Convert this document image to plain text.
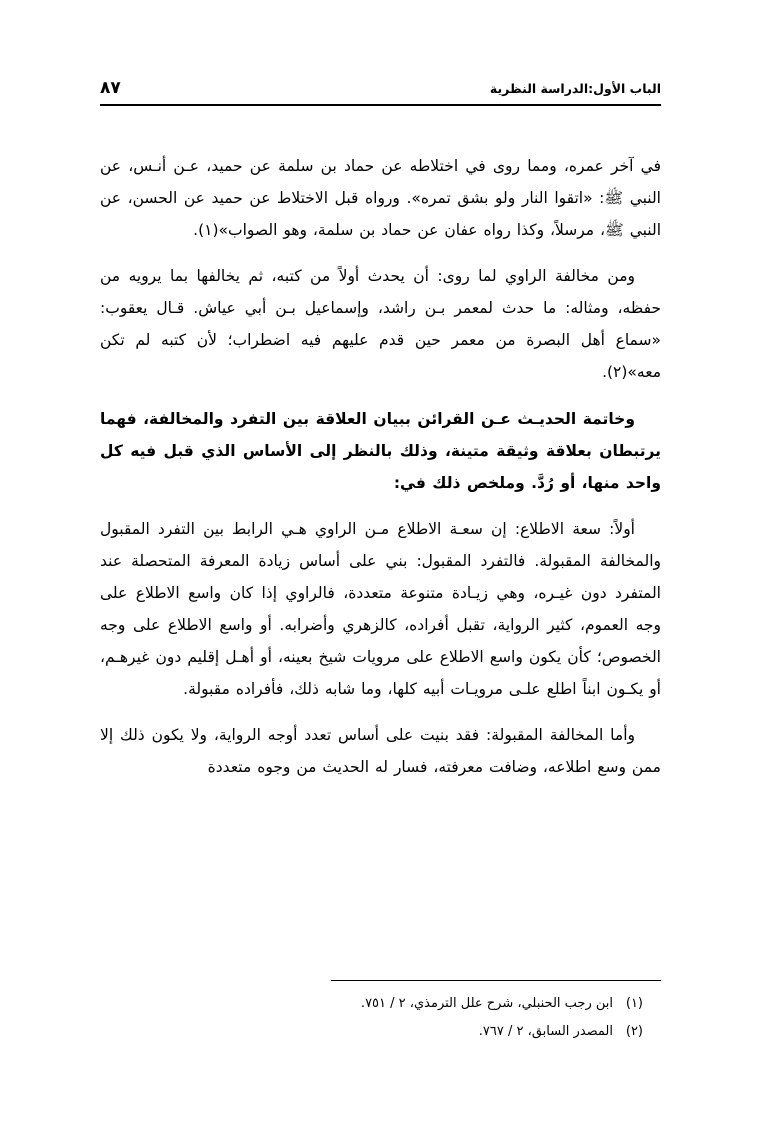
٨٧	الباب الأول:الدراسة النظرية

في آخر عمره، ومما روى في اختلاطه عن حماد بن سلمة عن حميد، عـن أنـس، عن النبي ﷺ: «اتقوا النار ولو بشق تمره». ورواه قبل الاختلاط عن حميد عن الحسن، عن النبي ﷺ، مرسلاً، وكذا رواه عفان عن حماد بن سلمة، وهو الصواب»(١).

ومن مخالفة الراوي لما روى: أن يحدث أولاً من كتبه، ثم يخالفها بما يرويه من حفظه، ومثاله: ما حدث لمعمر بـن راشد، وإسماعيل بـن أبي عياش. قـال يعقوب: «سماع أهل البصرة من معمر حين قدم عليهم فيه اضطراب؛ لأن كتبه لم تكن معه»(٢).

وخاتمة الحديـث عـن القرائن ببيان العلاقة بين التفرد والمخالفة، فهما يرتبطان بعلاقة وثيقة متينة، وذلك بالنظر إلى الأساس الذي قبل فيه كل واحد منها، أو رُدَّ. وملخص ذلك في:

أولاً: سعة الاطلاع: إن سعـة الاطلاع مـن الراوي هـي الرابط بين التفرد المقبول والمخالفة المقبولة. فالتفرد المقبول: بني على أساس زيادة المعرفة المتحصلة عند المتفرد دون غيـره، وهي زيـادة متنوعة متعددة، فالراوي إذا كان واسع الاطلاع على وجه العموم، كثير الرواية، تقبل أفراده، كالزهري وأضرابه. أو واسع الاطلاع على وجه الخصوص؛ كأن يكون واسع الاطلاع على مرويات شيخ بعينه، أو أهـل إقليم دون غيرهـم، أو يكـون ابناً اطلع علـى مرويـات أبيه كلها، وما شابه ذلك، فأفراده مقبولة.

وأما المخالفة المقبولة: فقد بنيت على أساس تعدد أوجه الرواية، ولا يكون ذلك إلا ممن وسع اطلاعه، وضافت معرفته، فسار له الحديث من وجوه متعددة

(١)ابن رجب الحنبلي، شرح علل الترمذي، ٢ / ٧٥١.

(٢)المصدر السابق، ٢ / ٧٦٧.
